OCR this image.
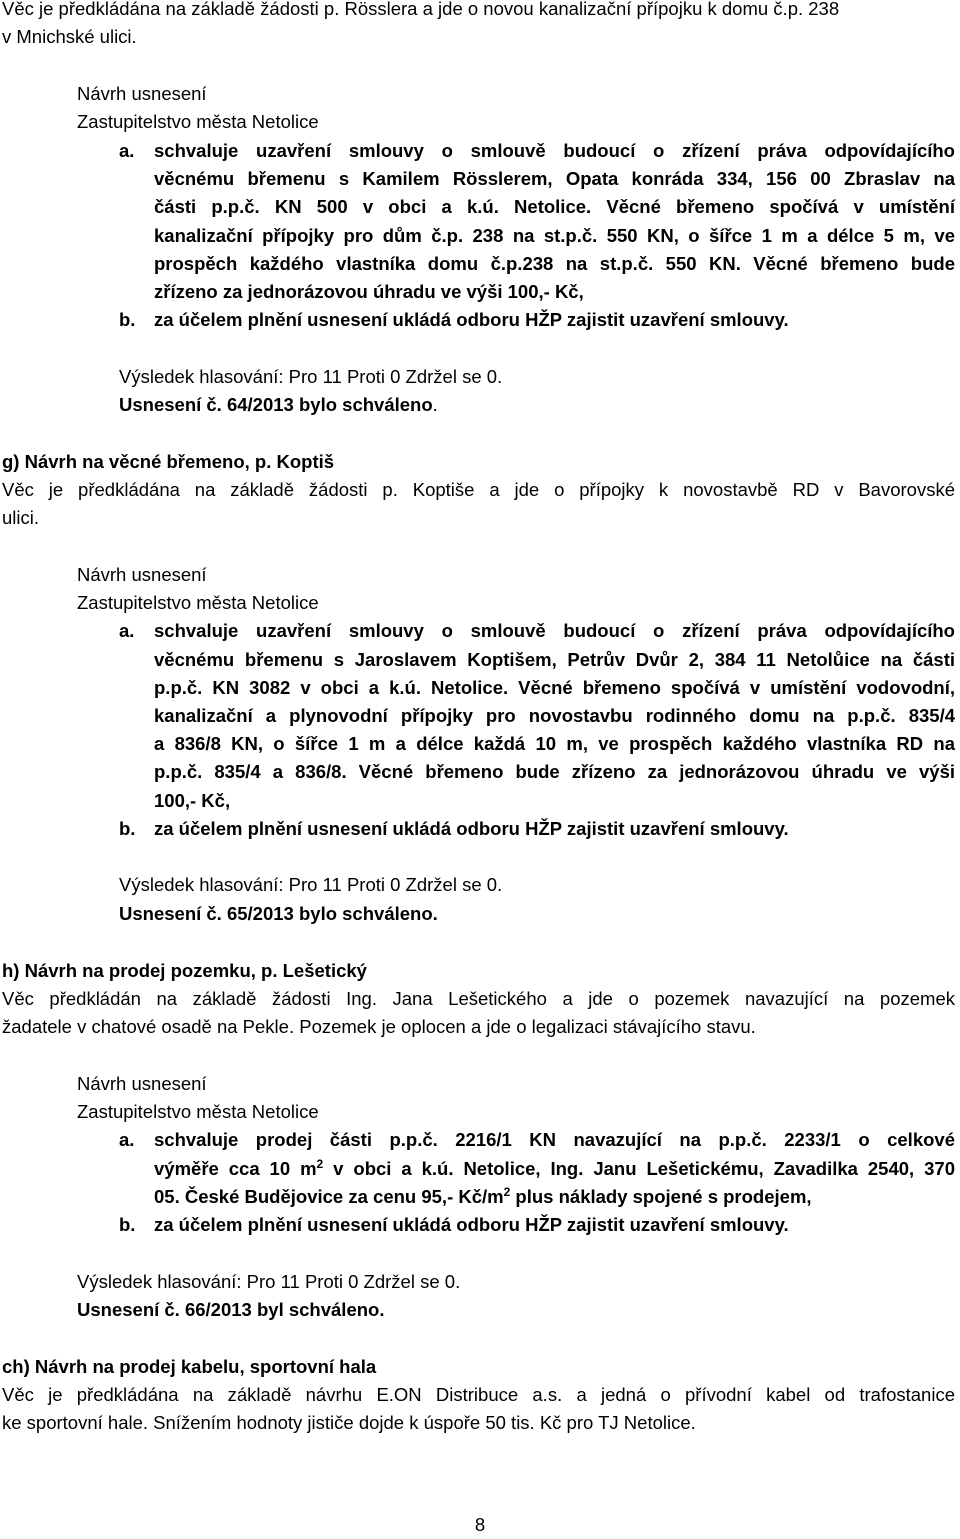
Věc je předkládána na základě žádosti p. Rösslera a jde o novou kanalizační přípojku k domu č.p. 238
v Mnichské ulici.
Návrh usnesení
Zastupitelstvo města Netolice
a. schvaluje uzavření smlouvy o smlouvě budoucí o zřízení práva odpovídajícího
věcnému břemenu s Kamilem Rösslerem, Opata konráda 334, 156 00 Zbraslav na
části p.p.č. KN 500 v obci a k.ú. Netolice. Věcné břemeno spočívá v umístění
kanalizační přípojky pro dům č.p. 238 na st.p.č. 550 KN, o šířce 1 m a délce 5 m, ve
prospěch každého vlastníka domu č.p.238 na st.p.č. 550 KN. Věcné břemeno bude
zřízeno za jednorázovou úhradu ve výši 100,- Kč,
b. za účelem plnění usnesení ukládá odboru HŽP zajistit uzavření smlouvy.
Výsledek hlasování: Pro 11 Proti 0 Zdržel se 0.
Usnesení č. 64/2013 bylo schváleno.
g) Návrh na věcné břemeno, p. Koptiš
Věc je předkládána na základě žádosti p. Koptiše a jde o přípojky k novostavbě RD v Bavorovské
ulici.
Návrh usnesení
Zastupitelstvo města Netolice
a. schvaluje uzavření smlouvy o smlouvě budoucí o zřízení práva odpovídajícího
věcnému břemenu s Jaroslavem Koptišem, Petrův Dvůr 2, 384 11 Netolůice na části
p.p.č. KN 3082 v obci a k.ú. Netolice. Věcné břemeno spočívá v umístění vodovodní,
kanalizační a plynovodní přípojky pro novostavbu rodinného domu na p.p.č. 835/4
a 836/8 KN, o šířce 1 m a délce každá 10 m, ve prospěch každého vlastníka RD na
p.p.č. 835/4 a 836/8. Věcné břemeno bude zřízeno za jednorázovou úhradu ve výši
100,- Kč,
b. za účelem plnění usnesení ukládá odboru HŽP zajistit uzavření smlouvy.
Výsledek hlasování: Pro 11 Proti 0 Zdržel se 0.
Usnesení č. 65/2013 bylo schváleno.
h) Návrh na prodej pozemku, p. Lešetický
Věc předkládán na základě žádosti Ing. Jana Lešetického a jde o pozemek navazující na pozemek
žadatele v chatové osadě na Pekle. Pozemek je oplocen a jde o legalizaci stávajícího stavu.
Návrh usnesení
Zastupitelstvo města Netolice
a. schvaluje prodej části p.p.č. 2216/1 KN navazující na p.p.č. 2233/1 o celkové
výměře cca 10 $m^2$ v obci a k.ú. Netolice, Ing. Janu Lešetickému, Zavadilka 2540, 370
05. České Budějovice za cenu 95,- $Kč/m^2$ plus náklady spojené s prodejem,
b. za účelem plnění usnesení ukládá odboru HŽP zajistit uzavření smlouvy.
Výsledek hlasování: Pro 11 Proti 0 Zdržel se 0.
Usnesení č. 66/2013 byl schváleno.
ch) Návrh na prodej kabelu, sportovní hala
Věc je předkládána na základě návrhu E.ON Distribuce a.s. a jedná o přívodní kabel od trafostanice
ke sportovní hale. Snížením hodnoty jističe dojde k úspoře 50 tis. Kč pro TJ Netolice.
8
